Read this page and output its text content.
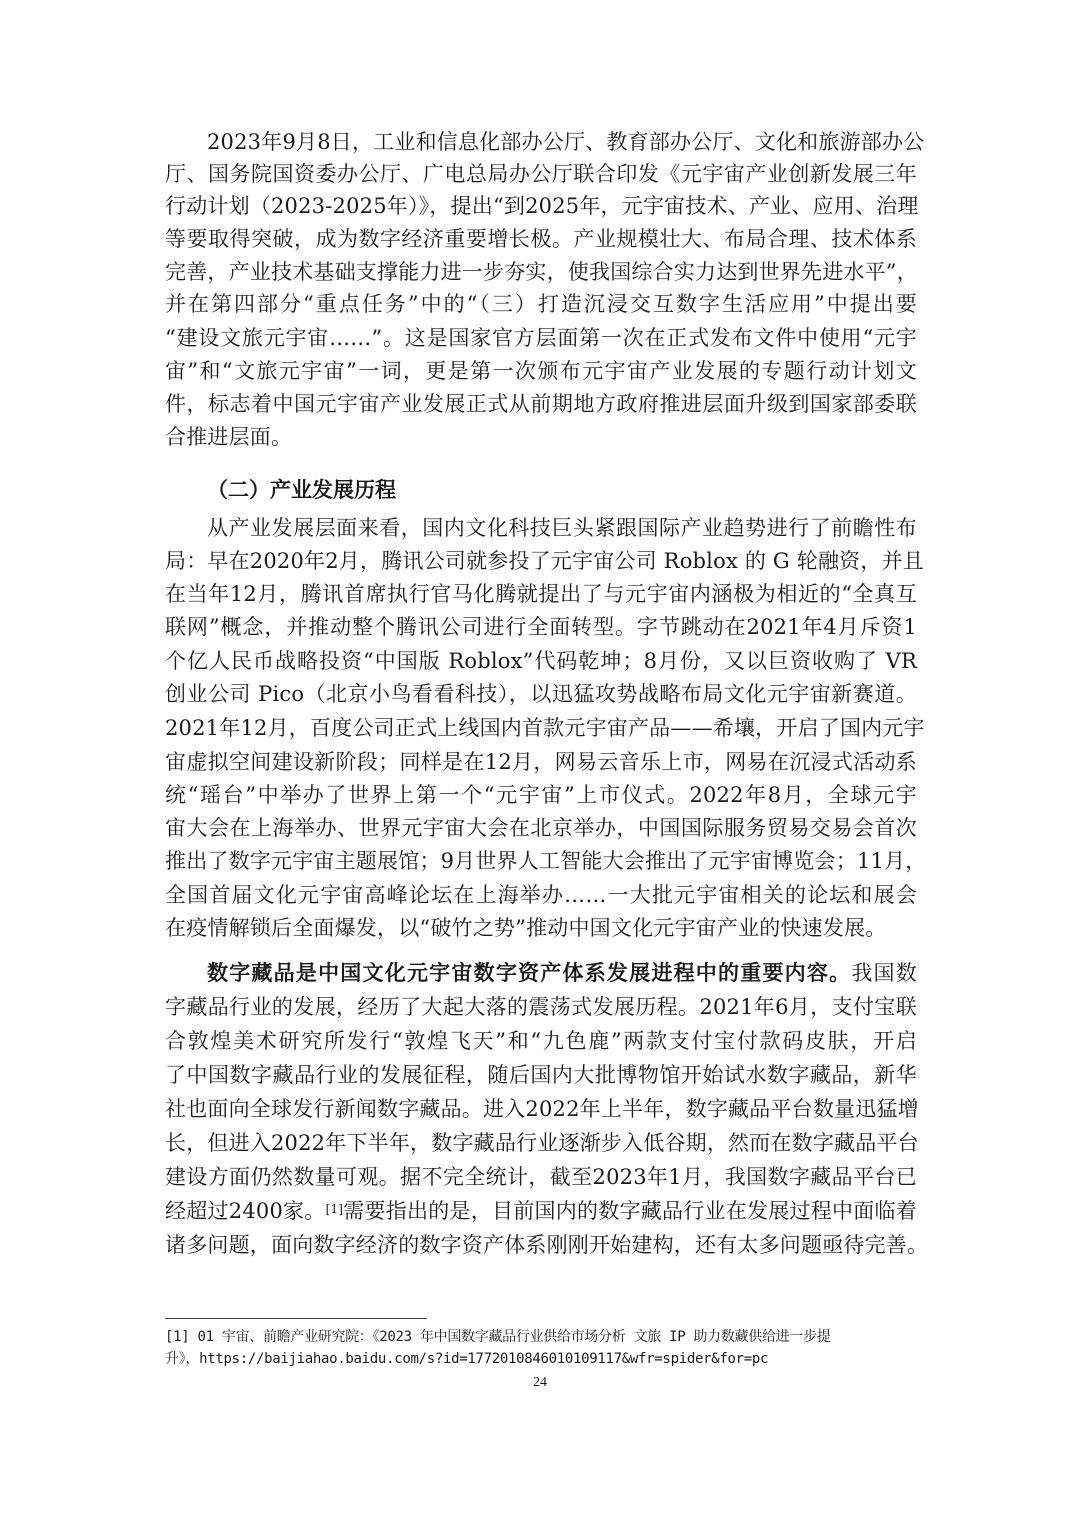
2023年9月8日，工业和信息化部办公厅、教育部办公厅、文化和旅游部办公
厅、国务院国资委办公厅、广电总局办公厅联合印发《元宇宙产业创新发展三年
行动计划（2023-2025年）》，提出“到2025年，元宇宙技术、产业、应用、治理
等要取得突破，成为数字经济重要增长极。产业规模壮大、布局合理、技术体系
完善，产业技术基础支撑能力进一步夯实，使我国综合实力达到世界先进水平”，
并在第四部分“重点任务”中的“（三）打造沉浸交互数字生活应用”中提出要
“建设文旅元宇宙……”。这是国家官方层面第一次在正式发布文件中使用“元宇
宙”和“文旅元宇宙”一词，更是第一次颁布元宇宙产业发展的专题行动计划文
件，标志着中国元宇宙产业发展正式从前期地方政府推进层面升级到国家部委联
合推进层面。
（二）产业发展历程
从产业发展层面来看，国内文化科技巨头紧跟国际产业趋势进行了前瞻性布
局：早在2020年2月，腾讯公司就参投了元宇宙公司 Roblox 的 G 轮融资，并且
在当年12月，腾讯首席执行官马化腾就提出了与元宇宙内涵极为相近的“全真互
联网”概念，并推动整个腾讯公司进行全面转型。字节跳动在2021年4月斥资1
个亿人民币战略投资“中国版 Roblox”代码乾坤；8月份，又以巨资收购了 VR
创业公司 Pico（北京小鸟看看科技），以迅猛攻势战略布局文化元宇宙新赛道。
2021年12月，百度公司正式上线国内首款元宇宙产品——希壤，开启了国内元宇
宙虚拟空间建设新阶段；同样是在12月，网易云音乐上市，网易在沉浸式活动系
统“瑶台”中举办了世界上第一个“元宇宙”上市仪式。2022年8月，全球元宇
宙大会在上海举办、世界元宇宙大会在北京举办，中国国际服务贸易交易会首次
推出了数字元宇宙主题展馆；9月世界人工智能大会推出了元宇宙博览会；11月，
全国首届文化元宇宙高峰论坛在上海举办……一大批元宇宙相关的论坛和展会
在疫情解锁后全面爆发，以“破竹之势”推动中国文化元宇宙产业的快速发展。
数字藏品是中国文化元宇宙数字资产体系发展进程中的重要内容。我国数
字藏品行业的发展，经历了大起大落的震荡式发展历程。2021年6月，支付宝联
合敦煌美术研究所发行“敦煌飞天”和“九色鹿”两款支付宝付款码皮肤，开启
了中国数字藏品行业的发展征程，随后国内大批博物馆开始试水数字藏品，新华
社也面向全球发行新闻数字藏品。进入2022年上半年，数字藏品平台数量迅猛增
长，但进入2022年下半年，数字藏品行业逐渐步入低谷期，然而在数字藏品平台
建设方面仍然数量可观。据不完全统计，截至2023年1月，我国数字藏品平台已
经超过2400家。[1]需要指出的是，目前国内的数字藏品行业在发展过程中面临着
诸多问题，面向数字经济的数字资产体系刚刚开始建构，还有太多问题亟待完善。
[1] 01 宇宙、前瞻产业研究院：《2023 年中国数字藏品行业供给市场分析 文旅 IP 助力数藏供给进一步提
升》，https://baijiahao.baidu.com/s?id=1772010846010109117&wfr=spider&for=pc
24
